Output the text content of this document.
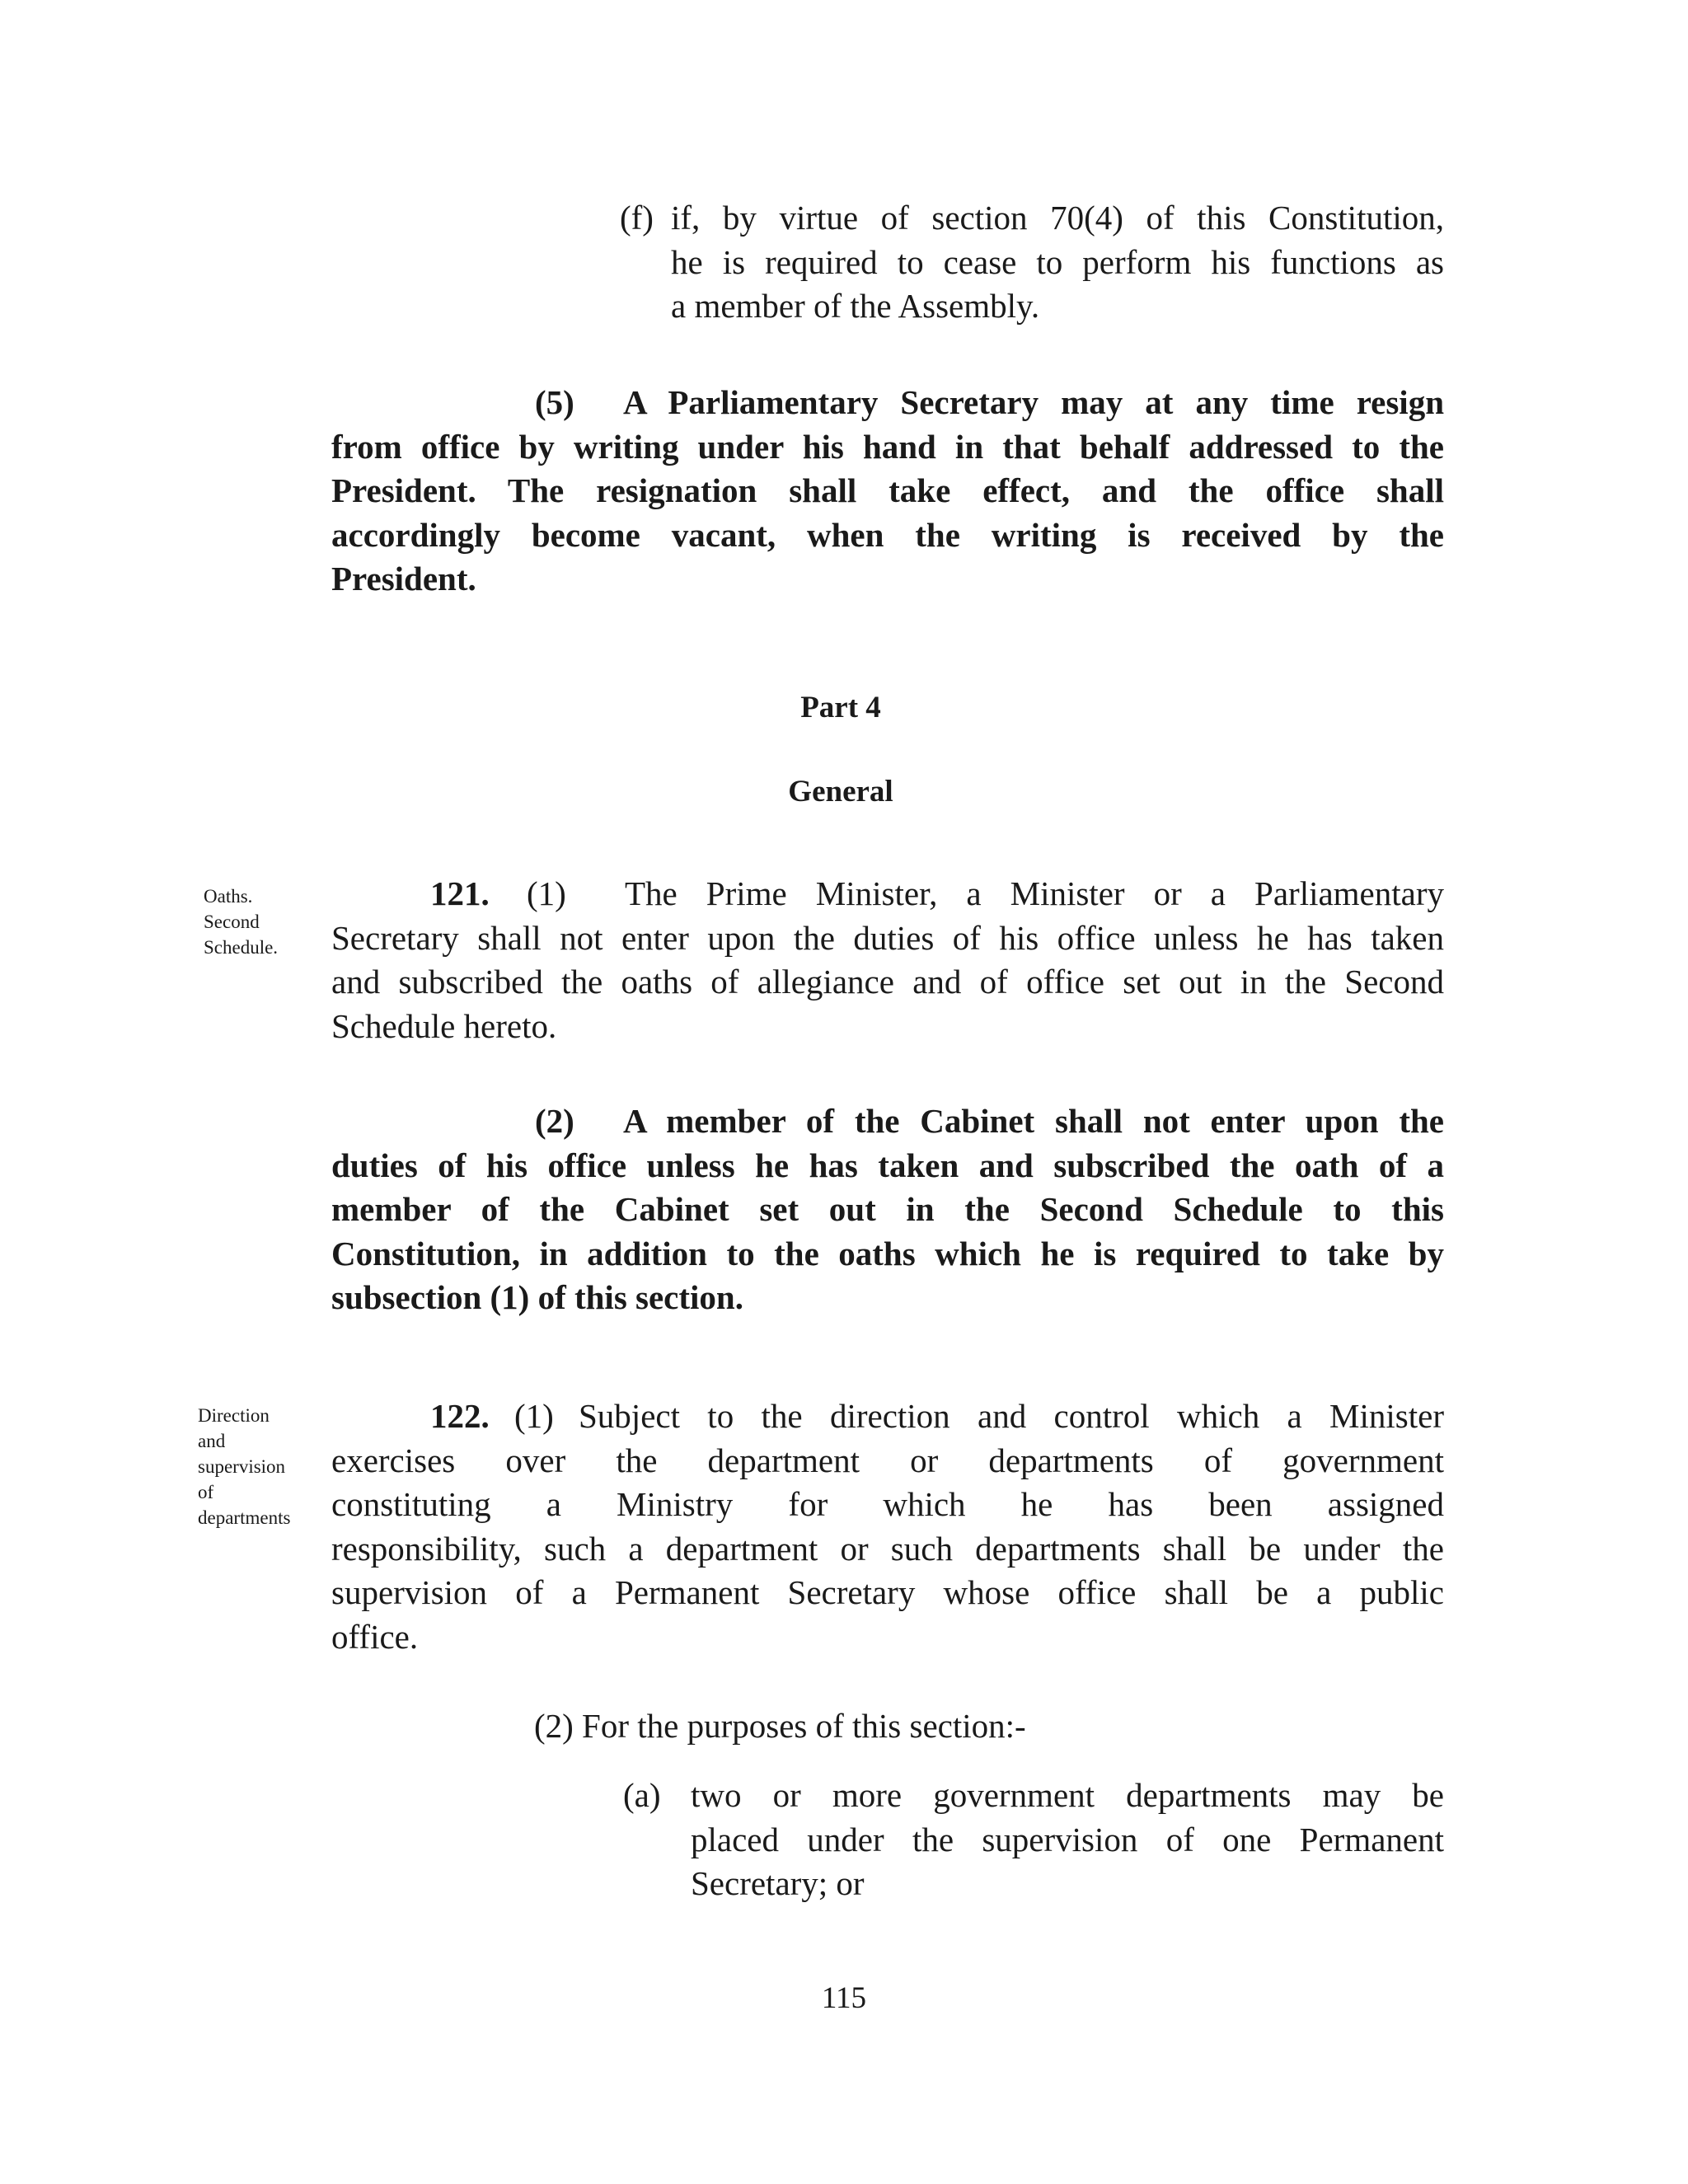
(f) if, by virtue of section 70(4) of this Constitution,
he is required to cease to perform his functions as
a member of the Assembly.
(5) A Parliamentary Secretary may at any time resign
from office by writing under his hand in that behalf addressed to the
President. The resignation shall take effect, and the office shall
accordingly become vacant, when the writing is received by the
President.
Part 4
General
Oaths.
Second
Schedule.
121. (1) The Prime Minister, a Minister or a Parliamentary
Secretary shall not enter upon the duties of his office unless he has taken
and subscribed the oaths of allegiance and of office set out in the Second
Schedule hereto.
(2) A member of the Cabinet shall not enter upon the
duties of his office unless he has taken and subscribed the oath of a
member of the Cabinet set out in the Second Schedule to this
Constitution, in addition to the oaths which he is required to take by
subsection (1) of this section.
Direction
and
supervision
of
departments
122. (1) Subject to the direction and control which a Minister
exercises over the department or departments of government
constituting a Ministry for which he has been assigned
responsibility, such a department or such departments shall be under the
supervision of a Permanent Secretary whose office shall be a public
office.
(2) For the purposes of this section:-
(a) two or more government departments may be
placed under the supervision of one Permanent
Secretary; or
115
